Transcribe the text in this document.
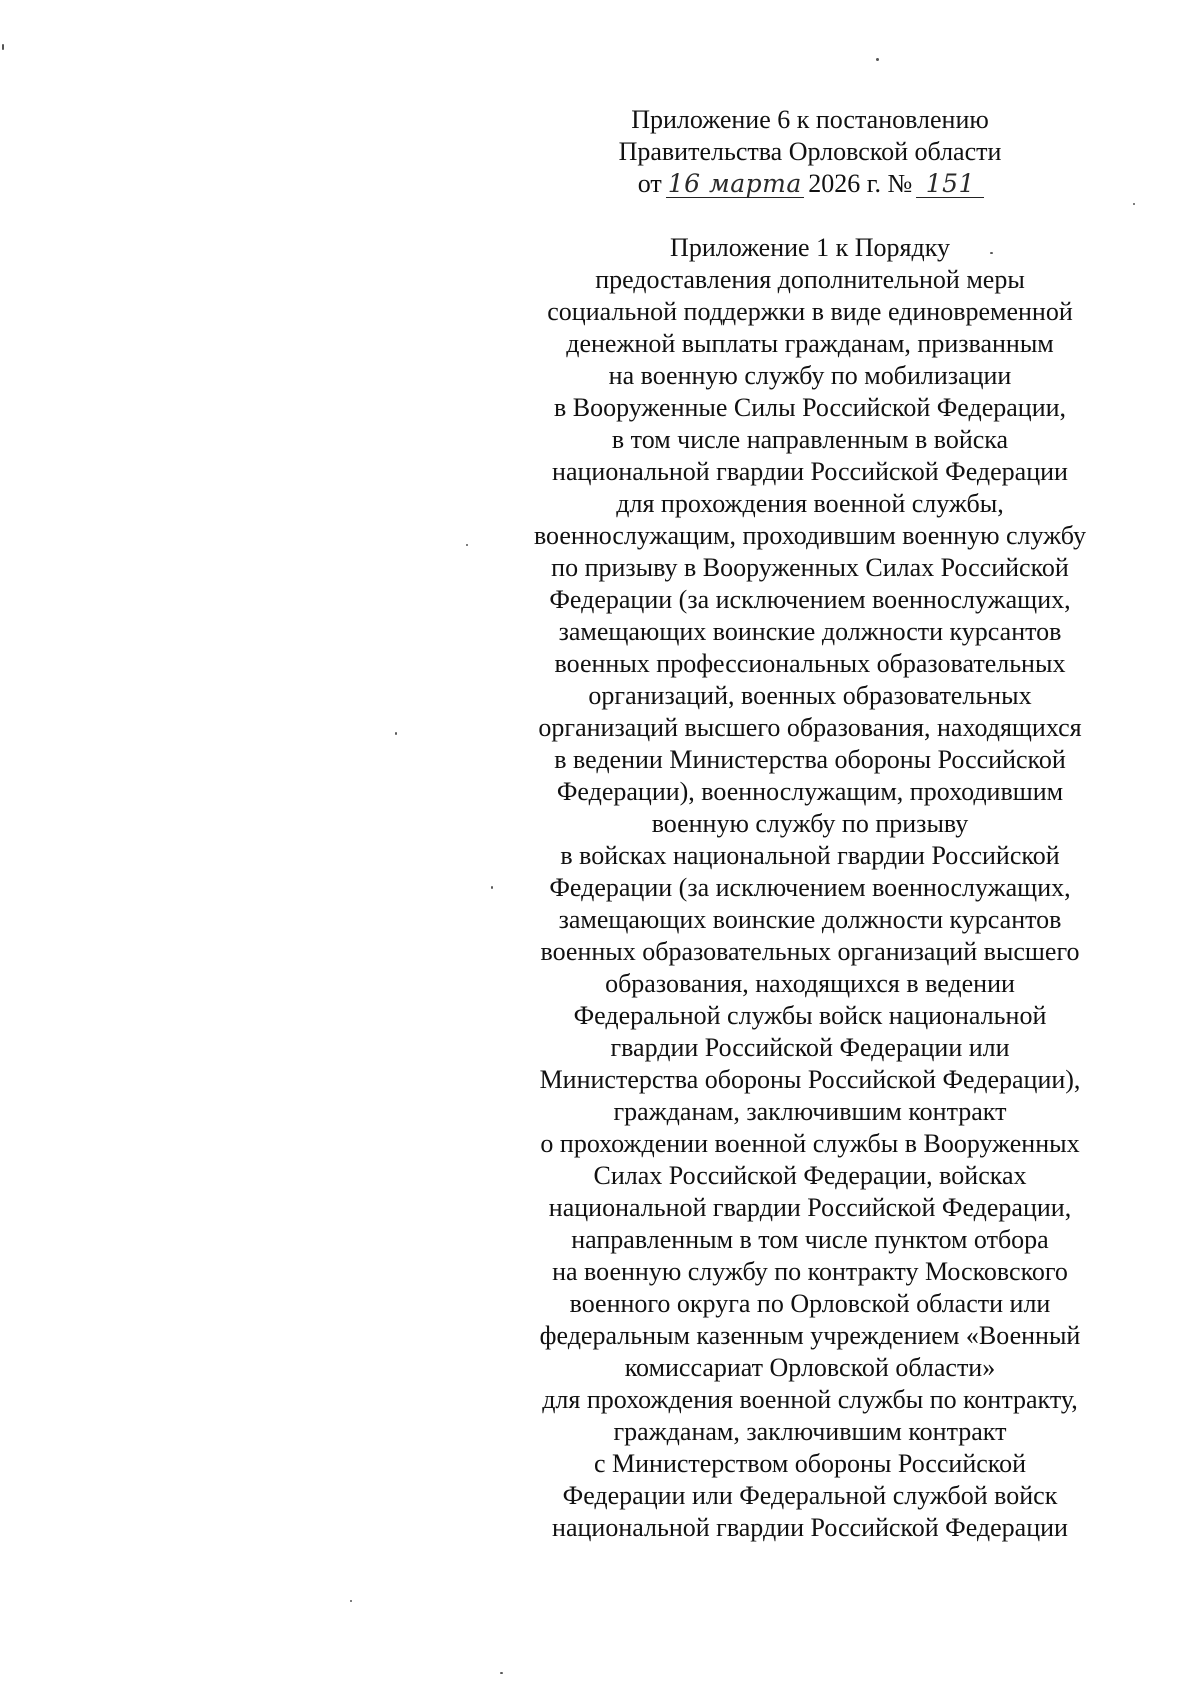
Приложение 6 к постановлению
Правительства Орловской области
от 16 марта 2026 г. № 151
Приложение 1 к Порядку
предоставления дополнительной меры
социальной поддержки в виде единовременной
денежной выплаты гражданам, призванным
на военную службу по мобилизации
в Вооруженные Силы Российской Федерации,
в том числе направленным в войска
национальной гвардии Российской Федерации
для прохождения военной службы,
военнослужащим, проходившим военную службу
по призыву в Вооруженных Силах Российской
Федерации (за исключением военнослужащих,
замещающих воинские должности курсантов
военных профессиональных образовательных
организаций, военных образовательных
организаций высшего образования, находящихся
в ведении Министерства обороны Российской
Федерации), военнослужащим, проходившим
военную службу по призыву
в войсках национальной гвардии Российской
Федерации (за исключением военнослужащих,
замещающих воинские должности курсантов
военных образовательных организаций высшего
образования, находящихся в ведении
Федеральной службы войск национальной
гвардии Российской Федерации или
Министерства обороны Российской Федерации),
гражданам, заключившим контракт
о прохождении военной службы в Вооруженных
Силах Российской Федерации, войсках
национальной гвардии Российской Федерации,
направленным в том числе пунктом отбора
на военную службу по контракту Московского
военного округа по Орловской области или
федеральным казенным учреждением «Военный
комиссариат Орловской области»
для прохождения военной службы по контракту,
гражданам, заключившим контракт
с Министерством обороны Российской
Федерации или Федеральной службой войск
национальной гвардии Российской Федерации
